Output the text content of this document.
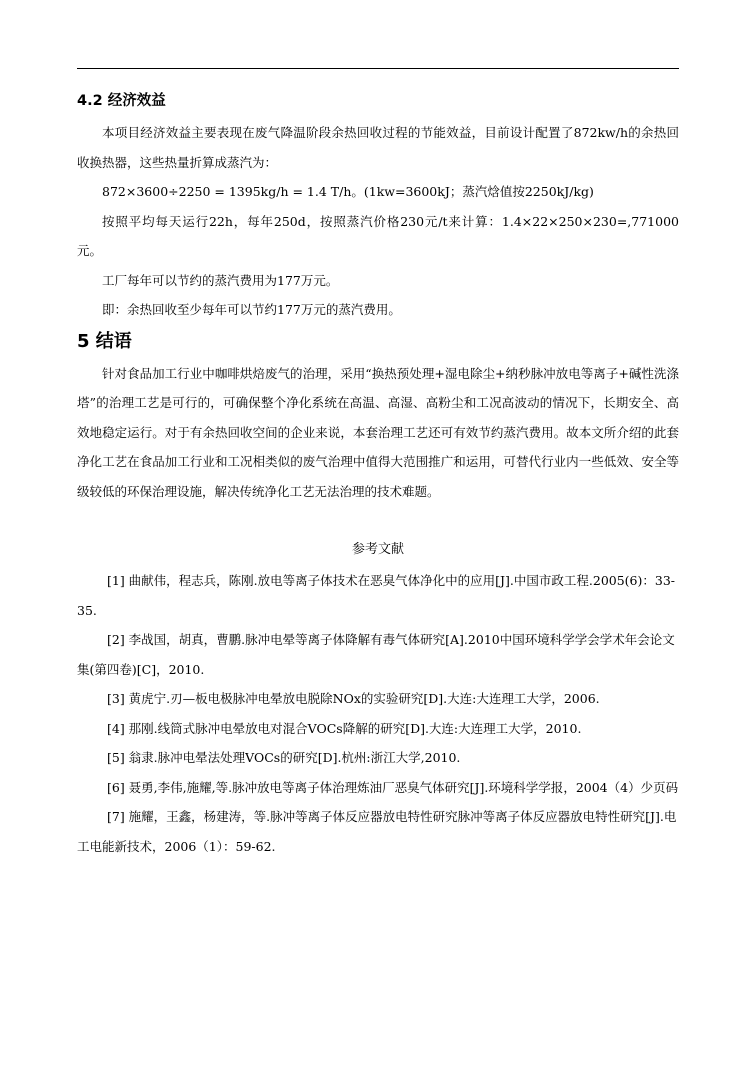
4.2 经济效益

本项目经济效益主要表现在废气降温阶段余热回收过程的节能效益，目前设计配置了872kw/h的余热回收换热器，这些热量折算成蒸汽为：

872×3600÷2250 = 1395kg/h = 1.4 T/h。(1kw=3600kJ；蒸汽焓值按2250kJ/kg)

按照平均每天运行22h，每年250d，按照蒸汽价格230元/t来计算：1.4×22×250×230=,771000元。

工厂每年可以节约的蒸汽费用为177万元。

即：余热回收至少每年可以节约177万元的蒸汽费用。

5 结语

针对食品加工行业中咖啡烘焙废气的治理，采用“换热预处理+湿电除尘+纳秒脉冲放电等离子+碱性洗涤塔”的治理工艺是可行的，可确保整个净化系统在高温、高湿、高粉尘和工况高波动的情况下，长期安全、高效地稳定运行。对于有余热回收空间的企业来说，本套治理工艺还可有效节约蒸汽费用。故本文所介绍的此套净化工艺在食品加工行业和工况相类似的废气治理中值得大范围推广和运用，可替代行业内一些低效、安全等级较低的环保治理设施，解决传统净化工艺无法治理的技术难题。

参考文献

[1] 曲献伟，程志兵，陈刚.放电等离子体技术在恶臭气体净化中的应用[J].中国市政工程.2005(6)：33-35.

[2] 李战国，胡真，曹鹏.脉冲电晕等离子体降解有毒气体研究[A].2010中国环境科学学会学术年会论文集(第四卷)[C]，2010.

[3] 黄虎宁.刃—板电极脉冲电晕放电脱除NOx的实验研究[D].大连:大连理工大学，2006.

[4] 那刚.线筒式脉冲电晕放电对混合VOCs降解的研究[D].大连:大连理工大学，2010.

[5] 翁隶.脉冲电晕法处理VOCs的研究[D].杭州:浙江大学,2010.

[6] 聂勇,李伟,施耀,等.脉冲放电等离子体治理炼油厂恶臭气体研究[J].环境科学学报，2004（4）少页码

[7] 施耀，王鑫，杨建涛，等.脉冲等离子体反应器放电特性研究脉冲等离子体反应器放电特性研究[J].电工电能新技术，2006（1）：59-62.
